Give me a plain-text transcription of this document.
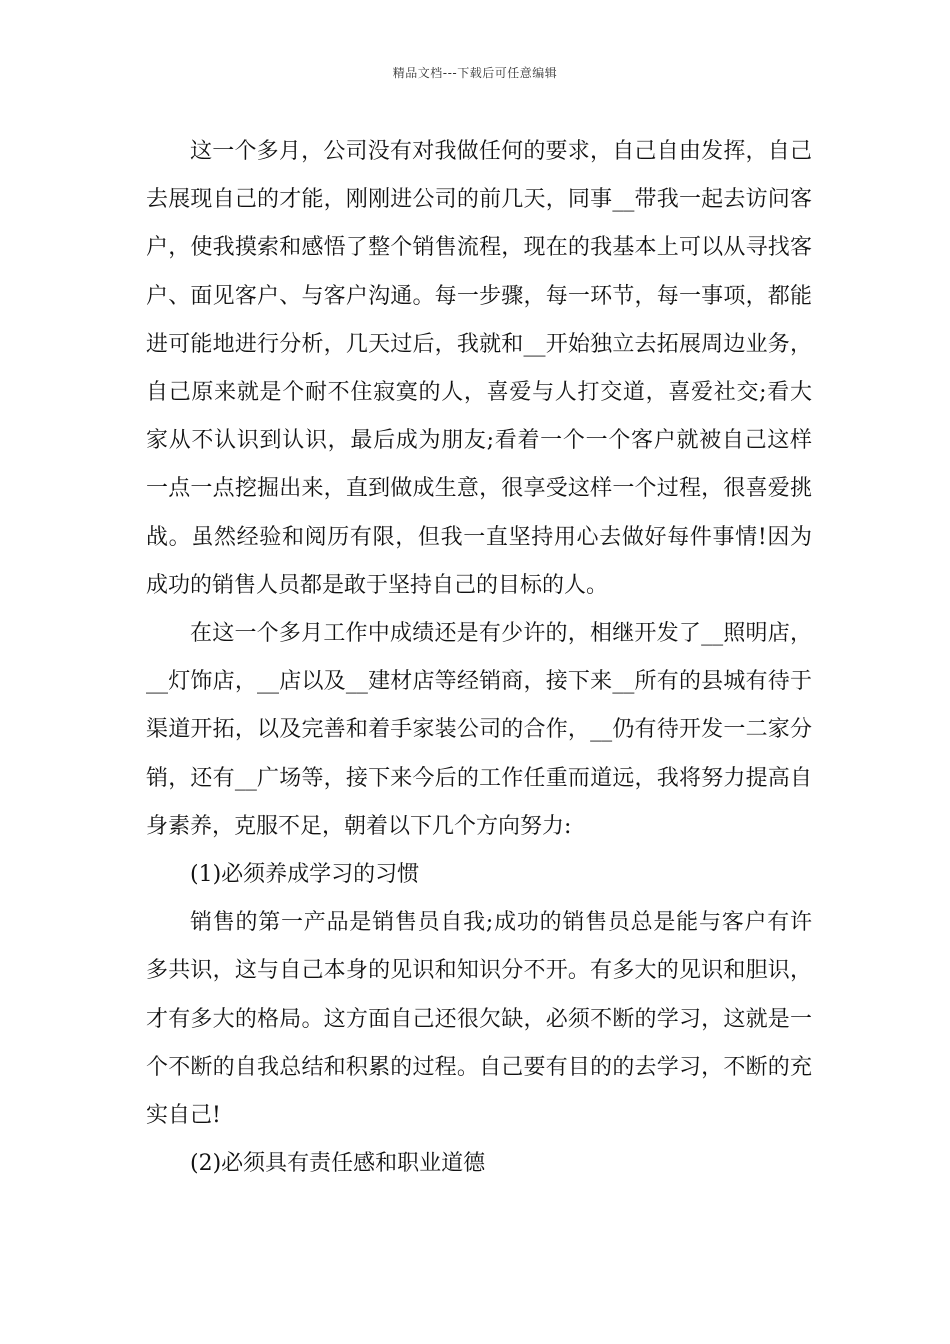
精品文档---下载后可任意编辑

这一个多月，公司没有对我做任何的要求，自己自由发挥，自己去展现自己的才能，刚刚进公司的前几天，同事__带我一起去访问客户，使我摸索和感悟了整个销售流程，现在的我基本上可以从寻找客户、面见客户、与客户沟通。每一步骤，每一环节，每一事项，都能进可能地进行分析，几天过后，我就和__开始独立去拓展周边业务，自己原来就是个耐不住寂寞的人，喜爱与人打交道，喜爱社交;看大家从不认识到认识，最后成为朋友;看着一个一个客户就被自己这样一点一点挖掘出来，直到做成生意，很享受这样一个过程，很喜爱挑战。虽然经验和阅历有限，但我一直坚持用心去做好每件事情!因为成功的销售人员都是敢于坚持自己的目标的人。

在这一个多月工作中成绩还是有少许的，相继开发了__照明店，__灯饰店，__店以及__建材店等经销商，接下来__所有的县城有待于渠道开拓，以及完善和着手家装公司的合作，__仍有待开发一二家分销，还有__广场等，接下来今后的工作任重而道远，我将努力提高自身素养，克服不足，朝着以下几个方向努力:

(1)必须养成学习的习惯

销售的第一产品是销售员自我;成功的销售员总是能与客户有许多共识，这与自己本身的见识和知识分不开。有多大的见识和胆识，才有多大的格局。这方面自己还很欠缺，必须不断的学习，这就是一个不断的自我总结和积累的过程。自己要有目的的去学习，不断的充实自己!

(2)必须具有责任感和职业道德
